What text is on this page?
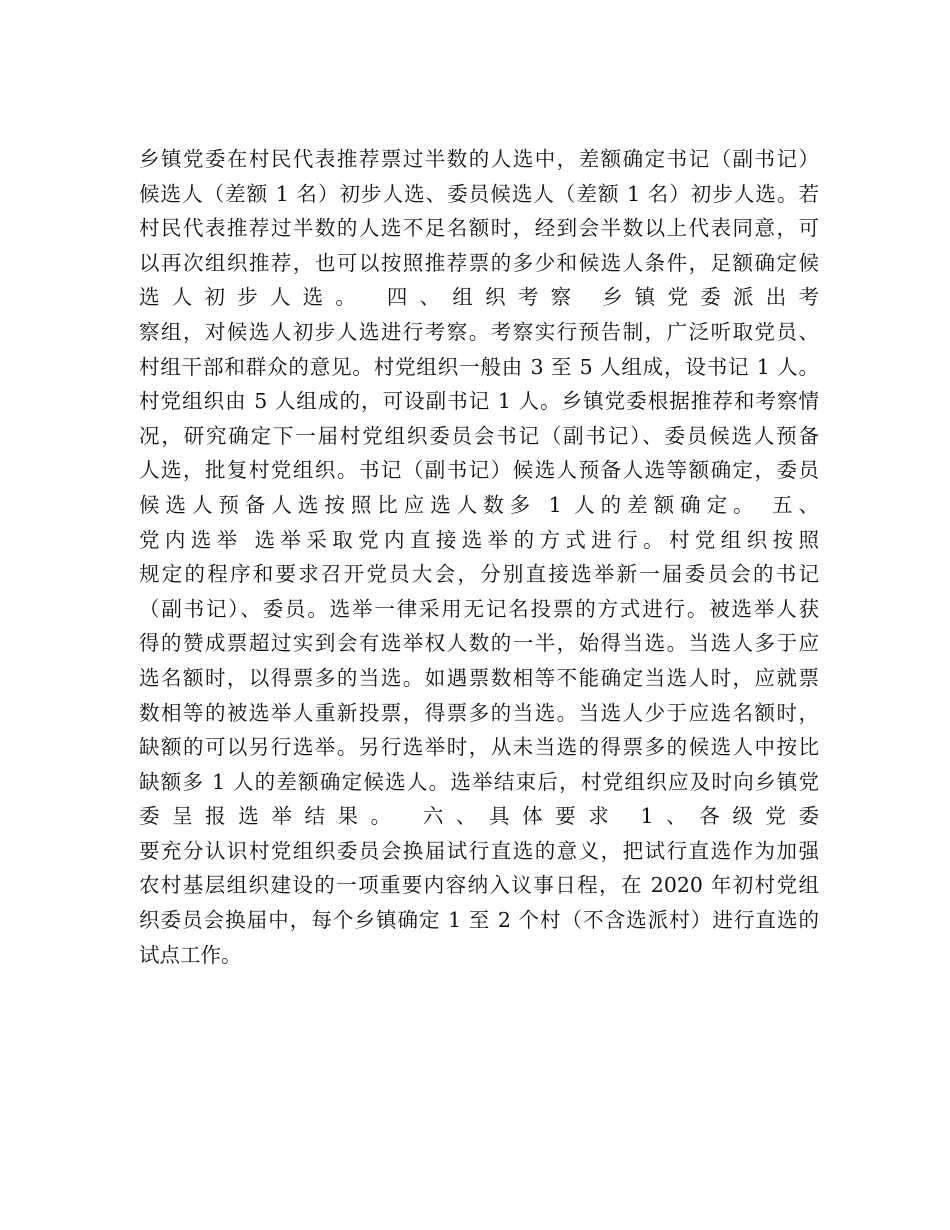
乡镇党委在村民代表推荐票过半数的人选中，差额确定书记（副书记）
候选人（差额 1 名）初步人选、委员候选人（差额 1 名）初步人选。若
村民代表推荐过半数的人选不足名额时，经到会半数以上代表同意，可
以再次组织推荐，也可以按照推荐票的多少和候选人条件，足额确定候
选人初步人选。 四、组织考察 乡镇党委派出考
察组，对候选人初步人选进行考察。考察实行预告制，广泛听取党员、
村组干部和群众的意见。村党组织一般由 3 至 5 人组成，设书记 1 人。
村党组织由 5 人组成的，可设副书记 1 人。乡镇党委根据推荐和考察情
况，研究确定下一届村党组织委员会书记（副书记）、委员候选人预备
人选，批复村党组织。书记（副书记）候选人预备人选等额确定，委员
候选人预备人选按照比应选人数多 1 人的差额确定。 五、
党内选举 选举采取党内直接选举的方式进行。村党组织按照
规定的程序和要求召开党员大会，分别直接选举新一届委员会的书记
（副书记）、委员。选举一律采用无记名投票的方式进行。被选举人获
得的赞成票超过实到会有选举权人数的一半，始得当选。当选人多于应
选名额时，以得票多的当选。如遇票数相等不能确定当选人时，应就票
数相等的被选举人重新投票，得票多的当选。当选人少于应选名额时，
缺额的可以另行选举。另行选举时，从未当选的得票多的候选人中按比
缺额多 1 人的差额确定候选人。选举结束后，村党组织应及时向乡镇党
委呈报选举结果。 六、具体要求 1、各级党委
要充分认识村党组织委员会换届试行直选的意义，把试行直选作为加强
农村基层组织建设的一项重要内容纳入议事日程，在 2020 年初村党组
织委员会换届中，每个乡镇确定 1 至 2 个村（不含选派村）进行直选的
试点工作。
